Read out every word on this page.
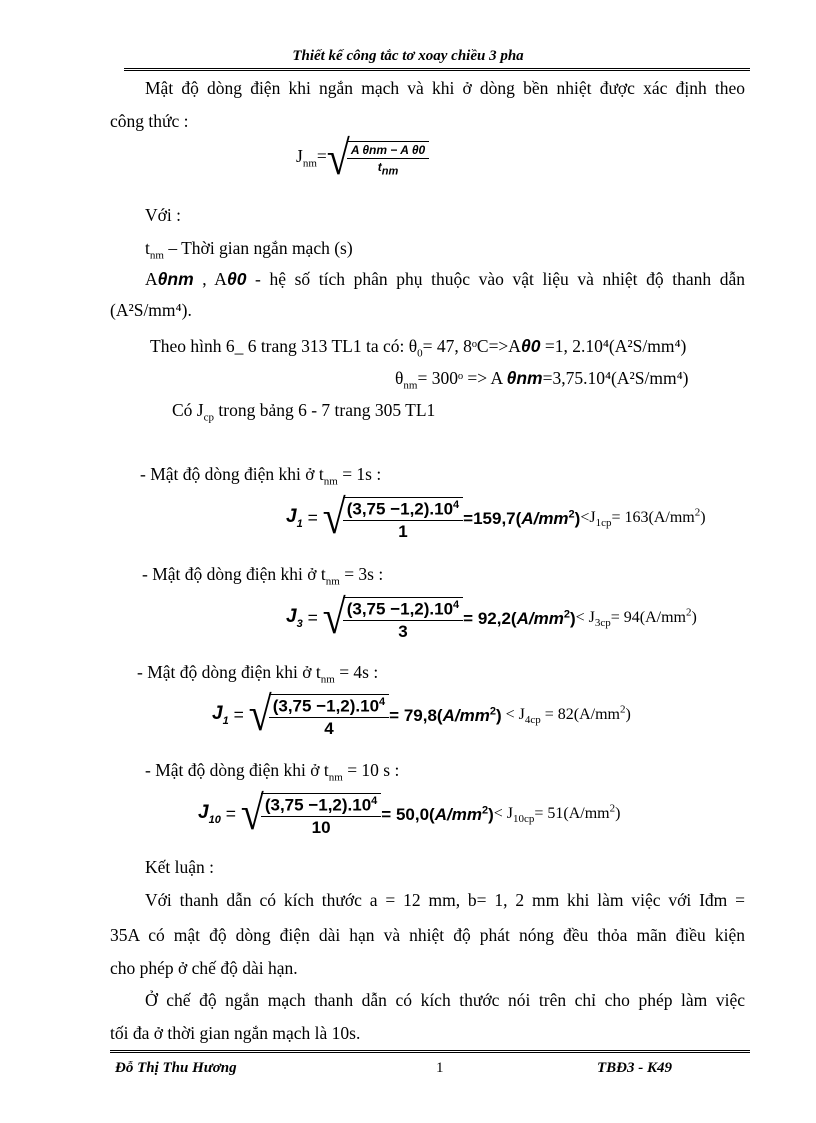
Thiết kế công tắc tơ xoay chiều 3 pha
Mật độ dòng điện khi ngắn mạch và khi ở dòng bền nhiệt được xác định theo
công thức :
$J_{nm}=√$
$\frac{\text{A θnm − A θ0}}{t_{nm}}$
Với :
$t_{nm}$ – Thời gian ngắn mạch (s)
Aθnm , Aθ0 - hệ số tích phân phụ thuộc vào vật liệu và nhiệt độ thanh dẫn
(A²S/mm⁴).
Theo hình 6_ 6 trang 313 TL1 ta có: $\theta_0= 47$, 8ᵒC=>Aθ0 =1, 2.10⁴(A²S/mm⁴)
$\theta_{nm}=$ 300ᵒ => A θnm=3,75.10⁴(A²S/mm⁴)
Có $J_{cp}$ trong bảng 6 - 7 trang 305 TL1
- Mật độ dòng điện khi ở $t_{nm} = 1s$ :
$J_1$ = √
$\frac{(3,75 -1,2).10^4}{1} =159,7(A/mm^2)<J_{1cp}= 163(A/mm^2)$
- Mật độ dòng điện khi ở $t_{nm} = 3s$ :
$J_3$ = √
$\frac{(3,75 -1,2).10^4}{3} = 92,2(A/mm^2)< J_{3cp}= 94(A/mm^2)$
- Mật độ dòng điện khi ở $t_{nm} = 4s$ :
$J_1$ = √
$\frac{(3,75 -1,2).10^4}{4} = 79,8(A/mm^2) < J_{4cp} = 82(A/mm^2)$
- Mật độ dòng điện khi ở $t_{nm} = 10$ s :
$J_{10}$ = √
$\frac{(3,75 -1,2).10^4}{10} = 50,0(A/mm^2)< J_{10cp}= 51(A/mm^2)$
Kết luận :
Với thanh dẫn có kích thước a = 12 mm, b= 1, 2 mm khi làm việc với Iđm =
35A có mật độ dòng điện dài hạn và nhiệt độ phát nóng đều thỏa mãn điều kiện
cho phép ở chế độ dài hạn.
Ở chế độ ngắn mạch thanh dẫn có kích thước nói trên chỉ cho phép làm việc
tối đa ở thời gian ngắn mạch là 10s.
Đỗ Thị Thu Hương	1	TBĐ3 - K49
